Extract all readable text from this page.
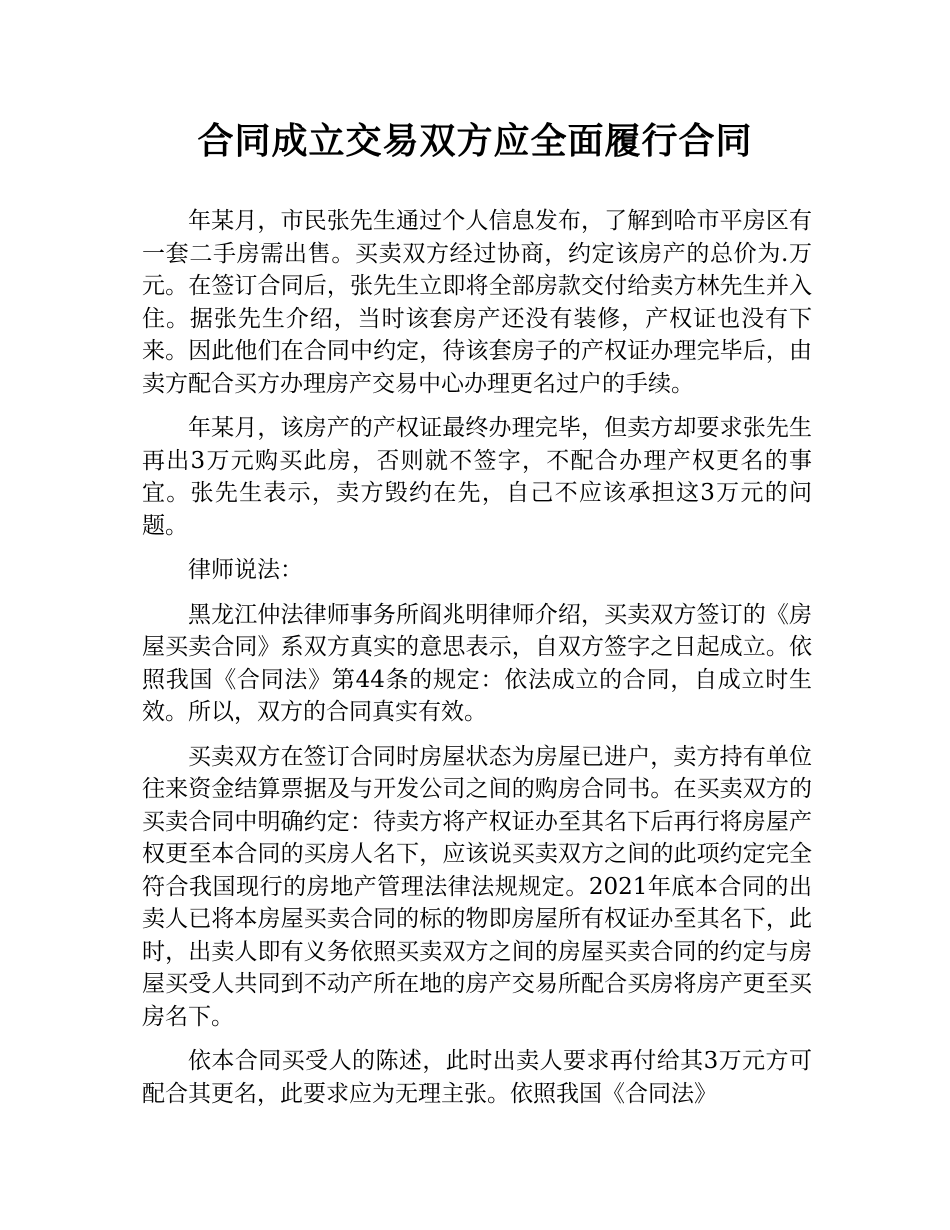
合同成立交易双方应全面履行合同

年某月，市民张先生通过个人信息发布，了解到哈市平房区有一套二手房需出售。买卖双方经过协商，约定该房产的总价为.万元。在签订合同后，张先生立即将全部房款交付给卖方林先生并入住。据张先生介绍，当时该套房产还没有装修，产权证也没有下来。因此他们在合同中约定，待该套房子的产权证办理完毕后，由卖方配合买方办理房产交易中心办理更名过户的手续。

年某月，该房产的产权证最终办理完毕，但卖方却要求张先生再出3万元购买此房，否则就不签字，不配合办理产权更名的事宜。张先生表示，卖方毁约在先，自己不应该承担这3万元的问题。

律师说法：

黑龙江仲法律师事务所阎兆明律师介绍，买卖双方签订的《房屋买卖合同》系双方真实的意思表示，自双方签字之日起成立。依照我国《合同法》第44条的规定：依法成立的合同，自成立时生效。所以，双方的合同真实有效。

买卖双方在签订合同时房屋状态为房屋已进户，卖方持有单位往来资金结算票据及与开发公司之间的购房合同书。在买卖双方的买卖合同中明确约定：待卖方将产权证办至其名下后再行将房屋产权更至本合同的买房人名下，应该说买卖双方之间的此项约定完全符合我国现行的房地产管理法律法规规定。2021年底本合同的出卖人已将本房屋买卖合同的标的物即房屋所有权证办至其名下，此时，出卖人即有义务依照买卖双方之间的房屋买卖合同的约定与房屋买受人共同到不动产所在地的房产交易所配合买房将房产更至买房名下。

依本合同买受人的陈述，此时出卖人要求再付给其3万元方可配合其更名，此要求应为无理主张。依照我国《合同法》
